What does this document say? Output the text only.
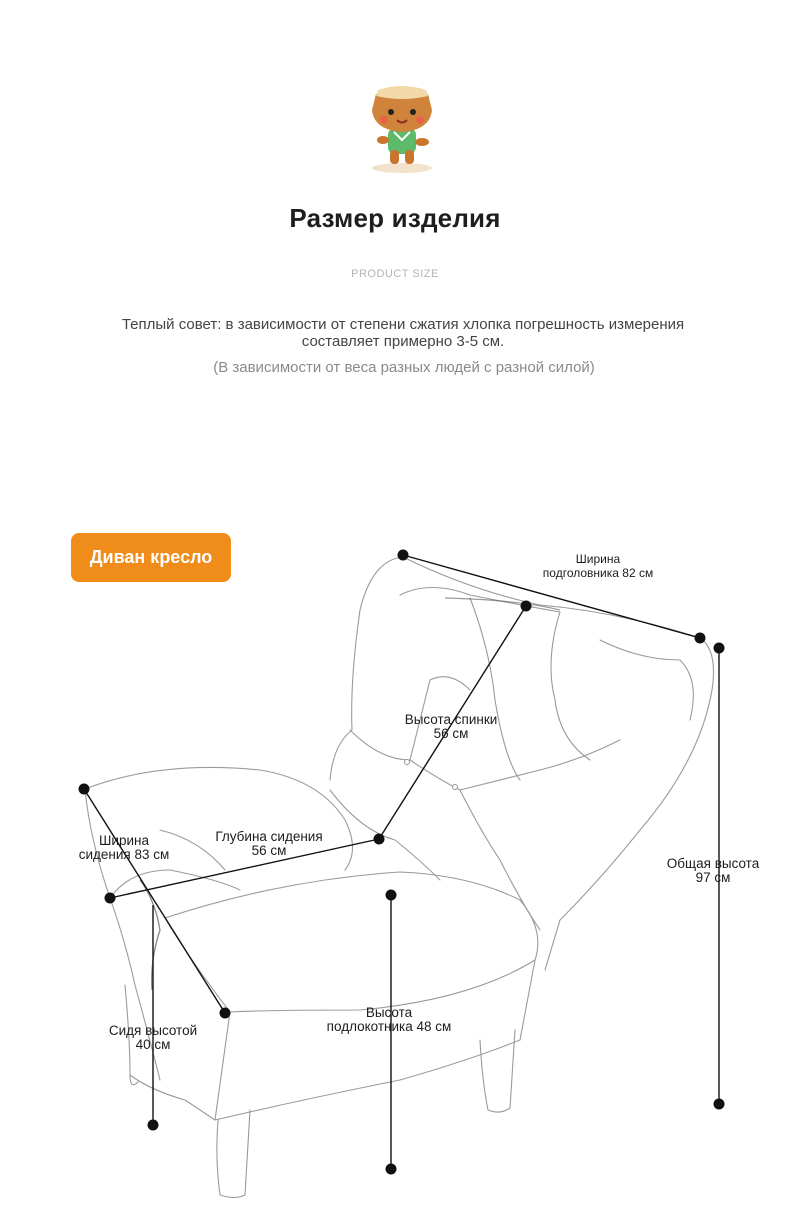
Размер изделия
PRODUCT SIZE
Теплый совет: в зависимости от степени сжатия хлопка погрешность измерения составляет примерно 3-5 см.
(В зависимости от веса разных людей с разной силой)
Диван кресло	Ширина
подголовника 82 см
Высота спинки
56 см
Общая высота
97 см
Ширина
сидения 83 см
Глубина сидения
56 см
Сидя высотой
40 см
Высота
подлокотника 48 см
